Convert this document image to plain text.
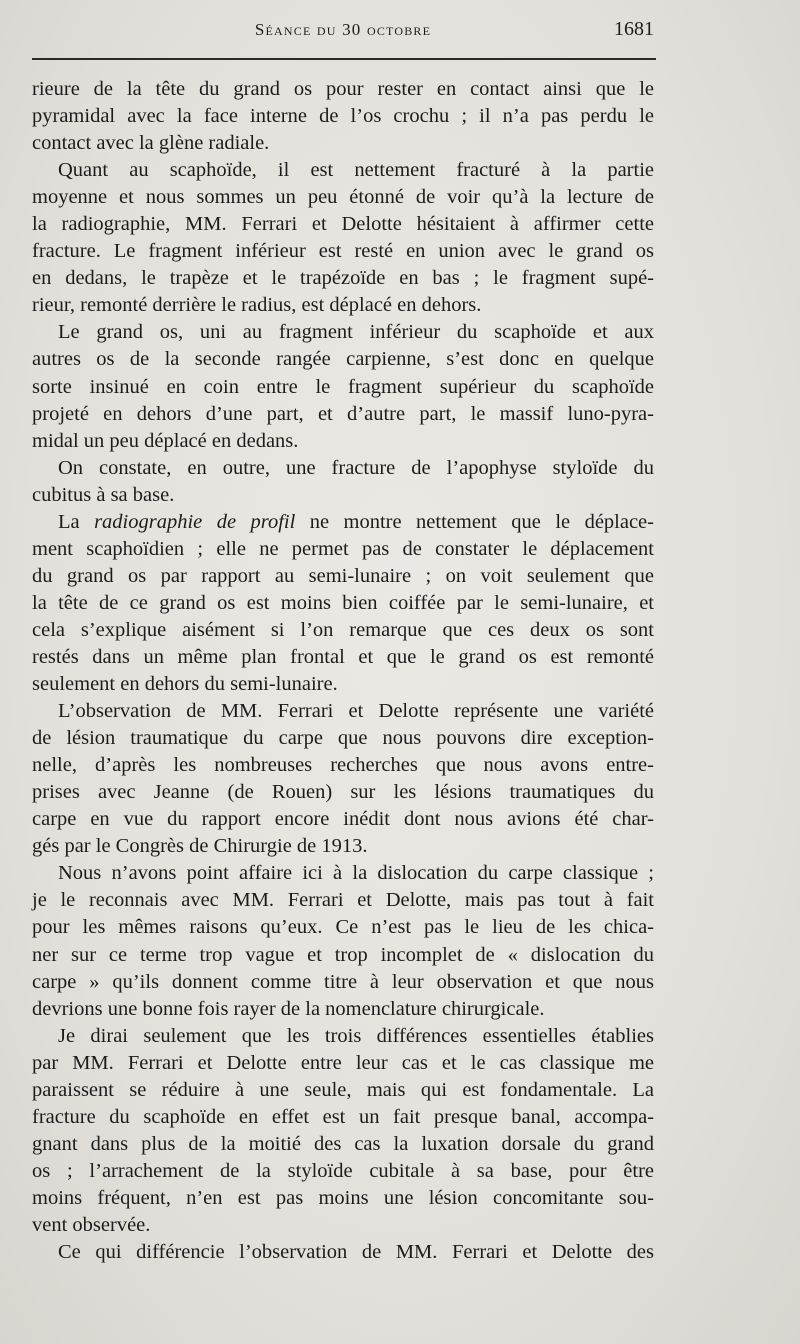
Séance du 30 octobre	1681
rieure de la tête du grand os pour rester en contact ainsi que le
pyramidal avec la face interne de l’os crochu ; il n’a pas perdu le
contact avec la glène radiale.
Quant au scaphoïde, il est nettement fracturé à la partie
moyenne et nous sommes un peu étonné de voir qu’à la lecture de
la radiographie, MM. Ferrari et Delotte hésitaient à affirmer cette
fracture. Le fragment inférieur est resté en union avec le grand os
en dedans, le trapèze et le trapézoïde en bas ; le fragment supé-
rieur, remonté derrière le radius, est déplacé en dehors.
Le grand os, uni au fragment inférieur du scaphoïde et aux
autres os de la seconde rangée carpienne, s’est donc en quelque
sorte insinué en coin entre le fragment supérieur du scaphoïde
projeté en dehors d’une part, et d’autre part, le massif luno-pyra-
midal un peu déplacé en dedans.
On constate, en outre, une fracture de l’apophyse styloïde du
cubitus à sa base.
La radiographie de profil ne montre nettement que le déplace-
ment scaphoïdien ; elle ne permet pas de constater le déplacement
du grand os par rapport au semi-lunaire ; on voit seulement que
la tête de ce grand os est moins bien coiffée par le semi-lunaire, et
cela s’explique aisément si l’on remarque que ces deux os sont
restés dans un même plan frontal et que le grand os est remonté
seulement en dehors du semi-lunaire.
L’observation de MM. Ferrari et Delotte représente une variété
de lésion traumatique du carpe que nous pouvons dire exception-
nelle, d’après les nombreuses recherches que nous avons entre-
prises avec Jeanne (de Rouen) sur les lésions traumatiques du
carpe en vue du rapport encore inédit dont nous avions été char-
gés par le Congrès de Chirurgie de 1913.
Nous n’avons point affaire ici à la dislocation du carpe classique ;
je le reconnais avec MM. Ferrari et Delotte, mais pas tout à fait
pour les mêmes raisons qu’eux. Ce n’est pas le lieu de les chica-
ner sur ce terme trop vague et trop incomplet de « dislocation du
carpe » qu’ils donnent comme titre à leur observation et que nous
devrions une bonne fois rayer de la nomenclature chirurgicale.
Je dirai seulement que les trois différences essentielles établies
par MM. Ferrari et Delotte entre leur cas et le cas classique me
paraissent se réduire à une seule, mais qui est fondamentale. La
fracture du scaphoïde en effet est un fait presque banal, accompa-
gnant dans plus de la moitié des cas la luxation dorsale du grand
os ; l’arrachement de la styloïde cubitale à sa base, pour être
moins fréquent, n’en est pas moins une lésion concomitante sou-
vent observée.
Ce qui différencie l’observation de MM. Ferrari et Delotte des
